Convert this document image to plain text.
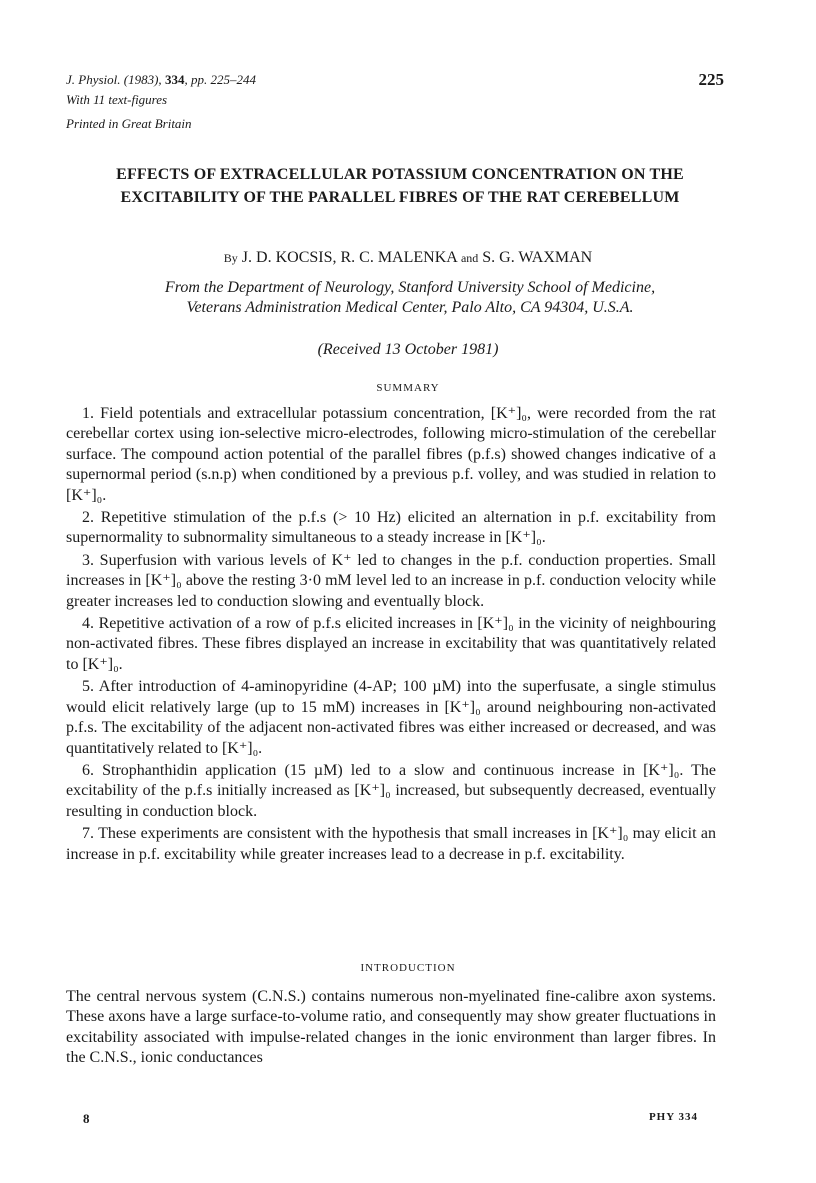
J. Physiol. (1983), 334, pp. 225–244
With 11 text-figures
Printed in Great Britain
225
EFFECTS OF EXTRACELLULAR POTASSIUM CONCENTRATION ON THE EXCITABILITY OF THE PARALLEL FIBRES OF THE RAT CEREBELLUM
By J. D. KOCSIS, R. C. MALENKA and S. G. WAXMAN
From the Department of Neurology, Stanford University School of Medicine,
Veterans Administration Medical Center, Palo Alto, CA 94304, U.S.A.
(Received 13 October 1981)
SUMMARY

1. Field potentials and extracellular potassium concentration, [K⁺]₀, were recorded from the rat cerebellar cortex using ion-selective micro-electrodes, following micro-stimulation of the cerebellar surface. The compound action potential of the parallel fibres (p.f.s) showed changes indicative of a supernormal period (s.n.p) when conditioned by a previous p.f. volley, and was studied in relation to [K⁺]₀.

2. Repetitive stimulation of the p.f.s (> 10 Hz) elicited an alternation in p.f. excitability from supernormality to subnormality simultaneous to a steady increase in [K⁺]₀.

3. Superfusion with various levels of K⁺ led to changes in the p.f. conduction properties. Small increases in [K⁺]₀ above the resting 3·0 mM level led to an increase in p.f. conduction velocity while greater increases led to conduction slowing and eventually block.

4. Repetitive activation of a row of p.f.s elicited increases in [K⁺]₀ in the vicinity of neighbouring non-activated fibres. These fibres displayed an increase in excitability that was quantitatively related to [K⁺]₀.

5. After introduction of 4-aminopyridine (4-AP; 100 µM) into the superfusate, a single stimulus would elicit relatively large (up to 15 mM) increases in [K⁺]₀ around neighbouring non-activated p.f.s. The excitability of the adjacent non-activated fibres was either increased or decreased, and was quantitatively related to [K⁺]₀.

6. Strophanthidin application (15 µM) led to a slow and continuous increase in [K⁺]₀. The excitability of the p.f.s initially increased as [K⁺]₀ increased, but subsequently decreased, eventually resulting in conduction block.

7. These experiments are consistent with the hypothesis that small increases in [K⁺]₀ may elicit an increase in p.f. excitability while greater increases lead to a decrease in p.f. excitability.

INTRODUCTION

The central nervous system (C.N.S.) contains numerous non-myelinated fine-calibre axon systems. These axons have a large surface-to-volume ratio, and consequently may show greater fluctuations in excitability associated with impulse-related changes in the ionic environment than larger fibres. In the C.N.S., ionic conductances

8	PHY 334
